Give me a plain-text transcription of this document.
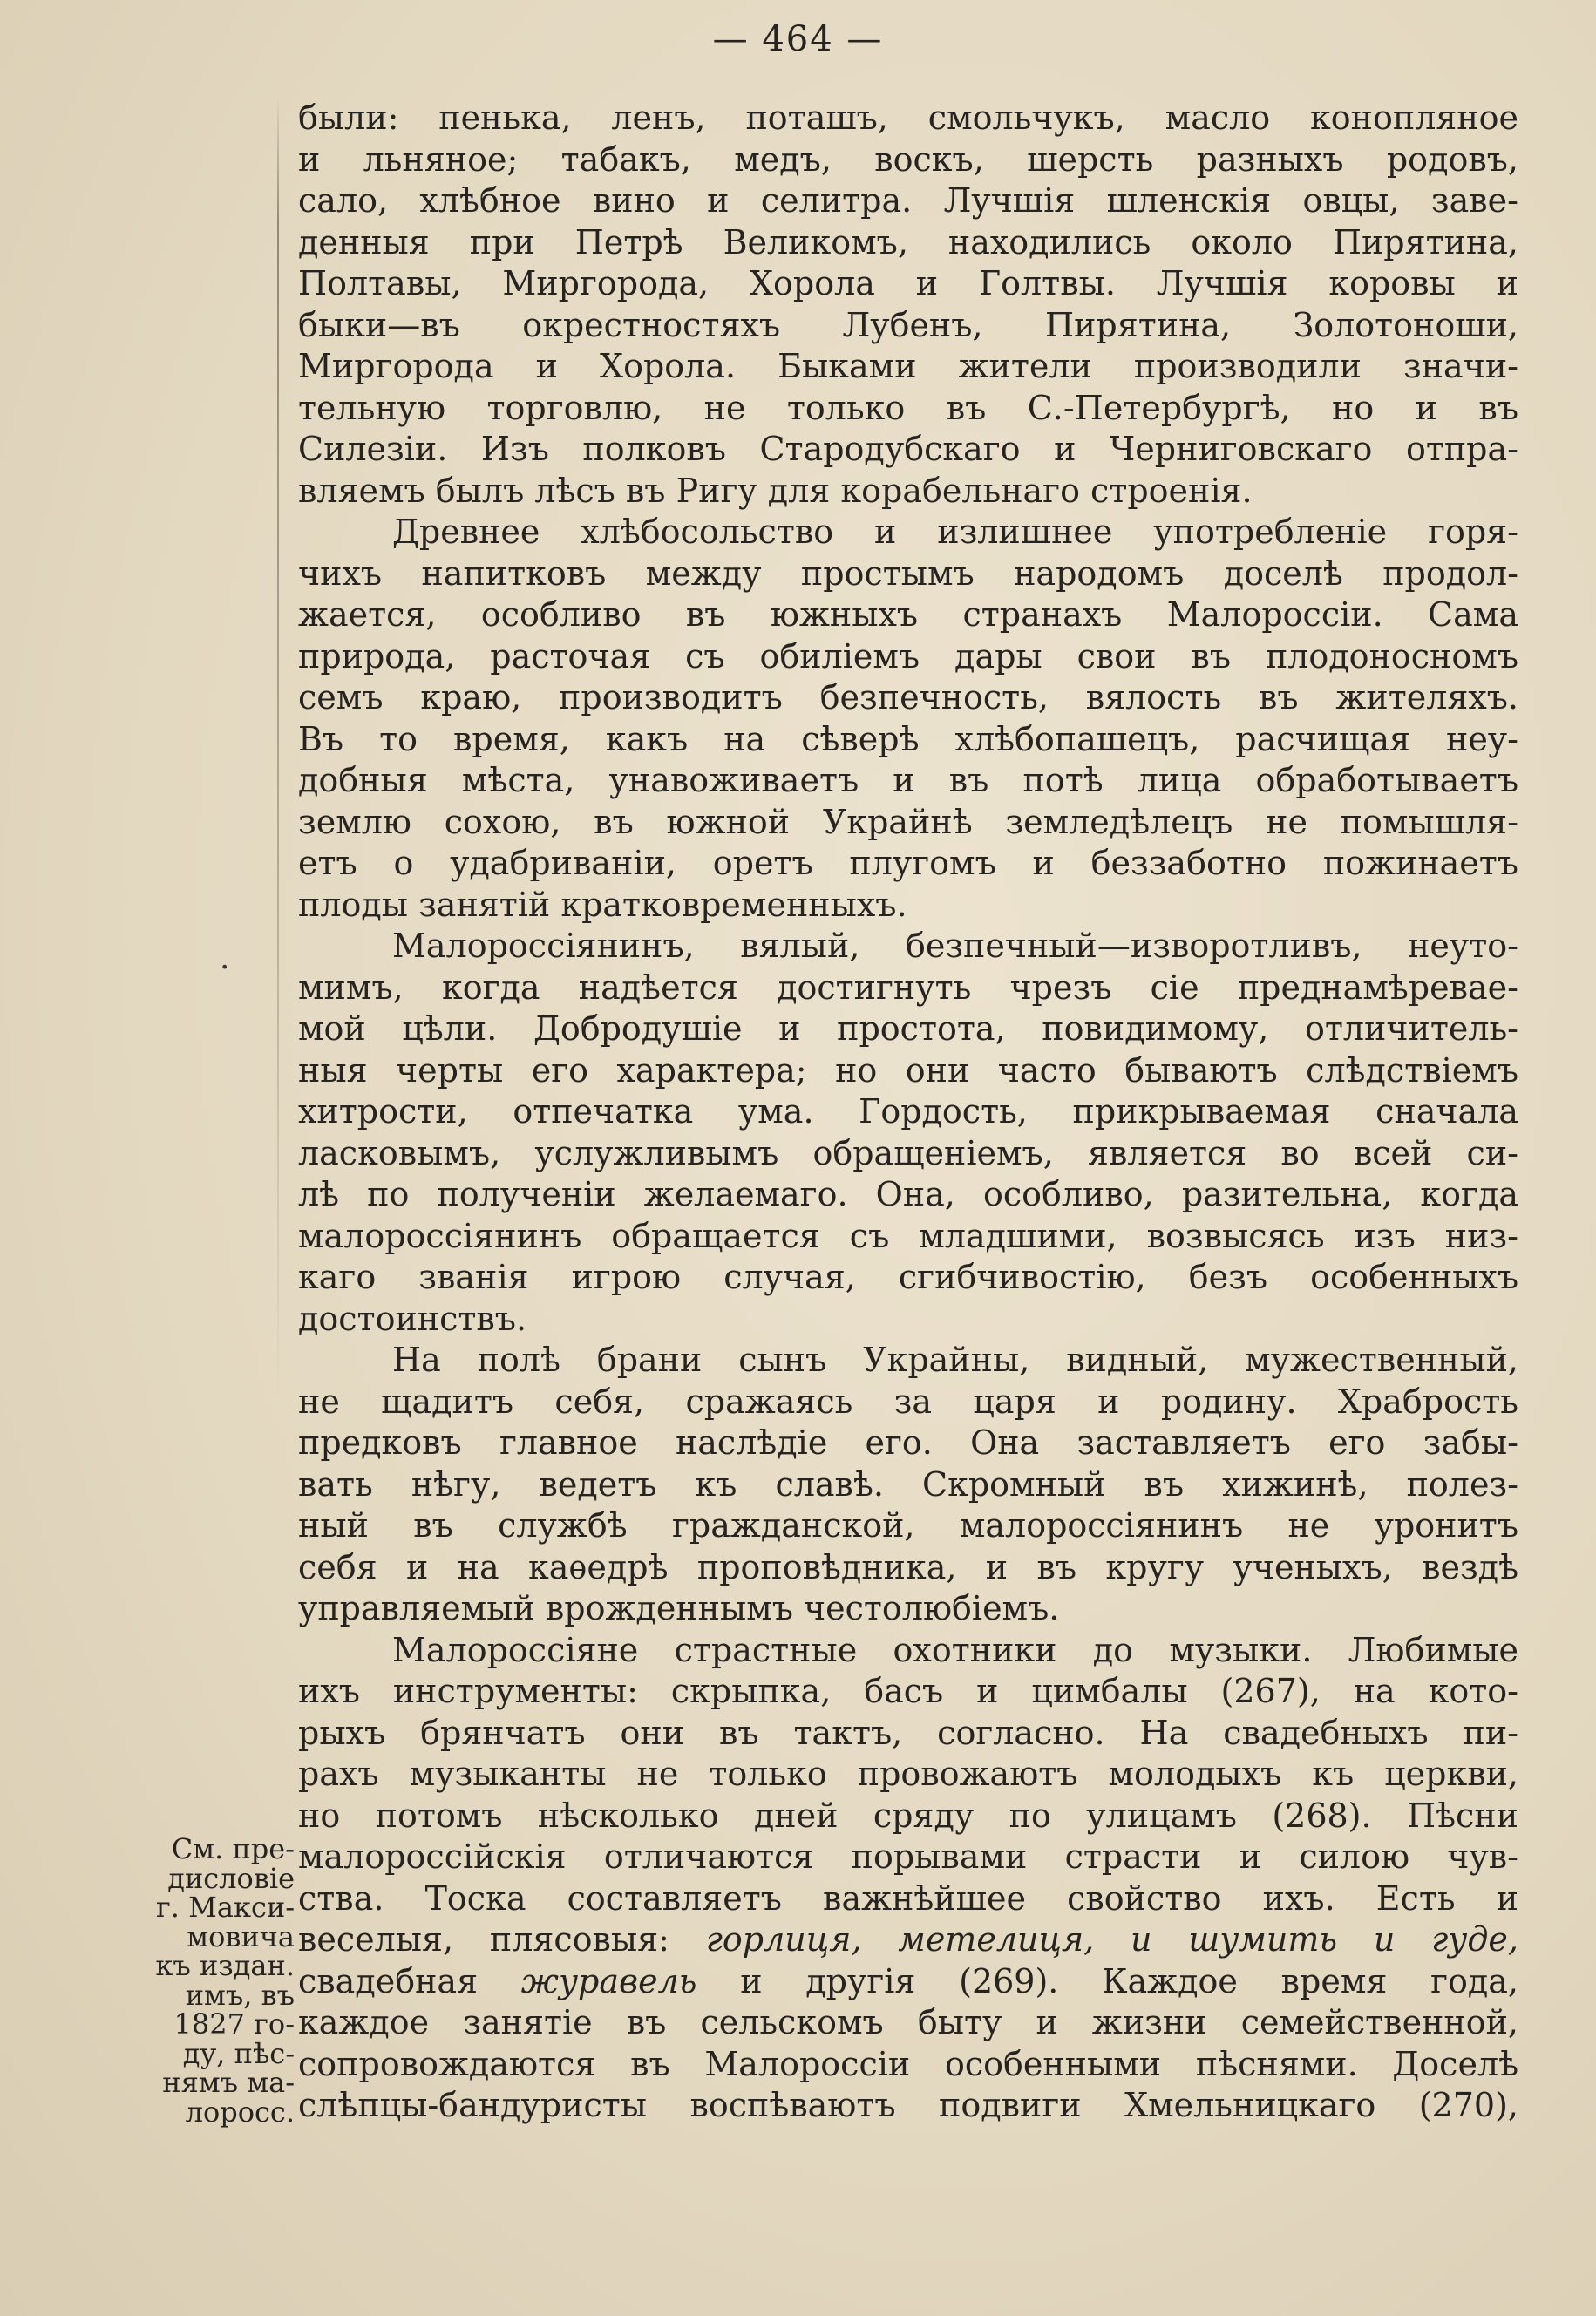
— 464 —
были: пенька, ленъ, поташъ, смольчукъ, масло конопляное
и льняное; табакъ, медъ, воскъ, шерсть разныхъ родовъ,
сало, хлѣбное вино и селитра. Лучшія шленскія овцы, заве-
денныя при Петрѣ Великомъ, находились около Пирятина,
Полтавы, Миргорода, Хорола и Голтвы. Лучшія коровы и
быки—въ окрестностяхъ Лубенъ, Пирятина, Золотоноши,
Миргорода и Хорола. Быками жители производили значи-
тельную торговлю, не только въ С.-Петербургѣ, но и въ
Силезіи. Изъ полковъ Стародубскаго и Черниговскаго отпра-
вляемъ былъ лѣсъ въ Ригу для корабельнаго строенія.
Древнее хлѣбосольство и излишнее употребленіе горя-
чихъ напитковъ между простымъ народомъ доселѣ продол-
жается, особливо въ южныхъ странахъ Малороссіи. Сама
природа, расточая съ обиліемъ дары свои въ плодоносномъ
семъ краю, производитъ безпечность, вялость въ жителяхъ.
Въ то время, какъ на сѣверѣ хлѣбопашецъ, расчищая неу-
добныя мѣста, унавоживаетъ и въ потѣ лица обработываетъ
землю сохою, въ южной Украйнѣ земледѣлецъ не помышля-
етъ о удабриваніи, оретъ плугомъ и беззаботно пожинаетъ
плоды занятій кратковременныхъ.
Малороссіянинъ, вялый, безпечный—изворотливъ, неуто-
мимъ, когда надѣется достигнуть чрезъ сіе преднамѣревае-
мой цѣли. Добродушіе и простота, повидимому, отличитель-
ныя черты его характера; но они часто бываютъ слѣдствіемъ
хитрости, отпечатка ума. Гордость, прикрываемая сначала
ласковымъ, услужливымъ обращеніемъ, является во всей си-
лѣ по полученіи желаемаго. Она, особливо, разительна, когда
малороссіянинъ обращается съ младшими, возвысясь изъ низ-
каго званія игрою случая, сгибчивостію, безъ особенныхъ
достоинствъ.
На полѣ брани сынъ Украйны, видный, мужественный,
не щадитъ себя, сражаясь за царя и родину. Храбрость
предковъ главное наслѣдіе его. Она заставляетъ его забы-
вать нѣгу, ведетъ къ славѣ. Скромный въ хижинѣ, полез-
ный въ службѣ гражданской, малороссіянинъ не уронитъ
себя и на каѳедрѣ проповѣдника, и въ кругу ученыхъ, вездѣ
управляемый врожденнымъ честолюбіемъ.
Малороссіяне страстные охотники до музыки. Любимые
ихъ инструменты: скрыпка, басъ и цимбалы (267), на кото-
рыхъ брянчатъ они въ тактъ, согласно. На свадебныхъ пи-
рахъ музыканты не только провожаютъ молодыхъ къ церкви,
но потомъ нѣсколько дней сряду по улицамъ (268). Пѣсни
малороссійскія отличаются порывами страсти и силою чув-
ства. Тоска составляетъ важнѣйшее свойство ихъ. Есть и
веселыя, плясовыя: горлиця, метелиця, и шумить и гуде,
свадебная журавель и другія (269). Каждое время года,
каждое занятіе въ сельскомъ быту и жизни семейственной,
сопровождаются въ Малороссіи особенными пѣснями. Доселѣ
слѣпцы-бандуристы воспѣваютъ подвиги Хмельницкаго (270),
См. пре-
дисловіе
г. Макси-
мовича
къ издан.
имъ, въ
1827 го-
ду, пѣс-
нямъ ма-
лоросс.
·
